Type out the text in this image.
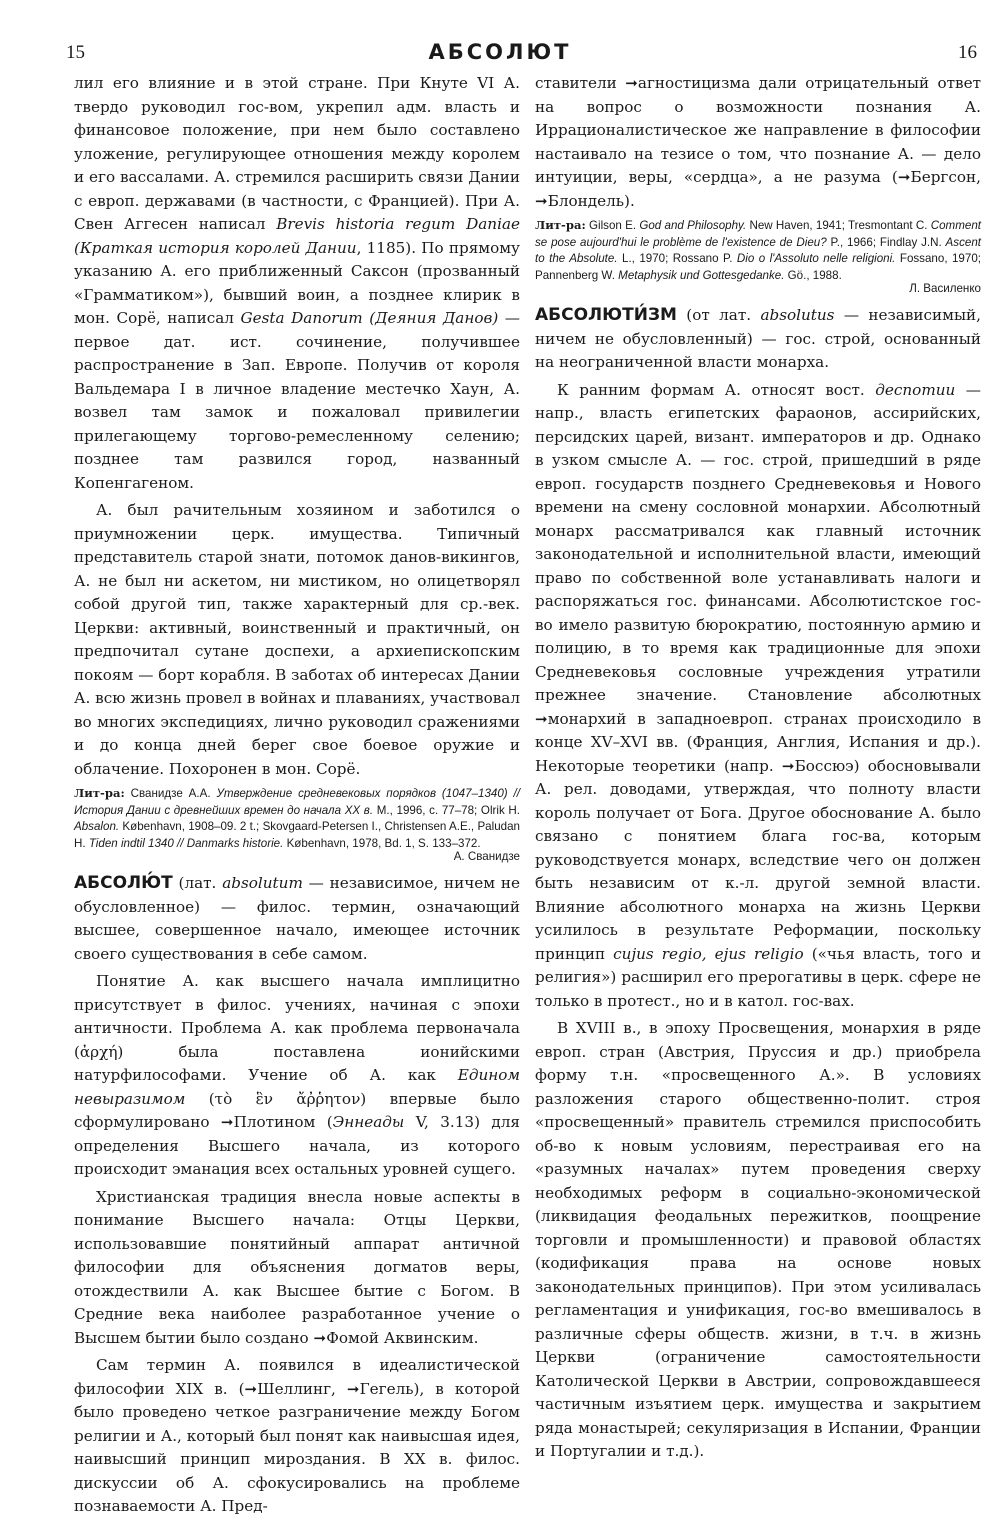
15	АБСОЛЮТ	16

лил его влияние и в этой стране. При Кнуте VI А. твердо руководил гос-вом, укрепил адм. власть и финансовое положение, при нем было составлено уложение, регулирующее отношения между королем и его вассалами. А. стремился расширить связи Дании с европ. державами (в частности, с Францией). При А. Свен Аггесен написал Brevis historia regum Daniae (Краткая история королей Дании, 1185). По прямому указанию А. его приближенный Саксон (прозванный «Грамматиком»), бывший воин, а позднее клирик в мон. Сорё, написал Gesta Danorum (Деяния Данов) — первое дат. ист. сочинение, получившее распространение в Зап. Европе. Получив от короля Вальдемара I в личное владение местечко Хаун, А. возвел там замок и пожаловал привилегии прилегающему торгово-ремесленному селению; позднее там развился город, названный Копенгагеном.

А. был рачительным хозяином и заботился о приумножении церк. имущества. Типичный представитель старой знати, потомок данов-викингов, А. не был ни аскетом, ни мистиком, но олицетворял собой другой тип, также характерный для ср.-век. Церкви: активный, воинственный и практичный, он предпочитал сутане доспехи, а архиепископским покоям — борт корабля. В заботах об интересах Дании А. всю жизнь провел в войнах и плаваниях, участвовал во многих экспедициях, лично руководил сражениями и до конца дней берег свое боевое оружие и облачение. Похоронен в мон. Сорё.

Лит-ра: Сванидзе А.А. Утверждение средневековых порядков (1047–1340) // История Дании с древнейших времен до начала XX в. М., 1996, с. 77–78; Olrik H. Absalon. København, 1908–09. 2 t.; Skovgaard-Petersen I., Christensen A.E., Paludan H. Tiden indtil 1340 // Danmarks historie. København, 1978, Bd. 1, S. 133–372.

А. Сванидзе

АБСОЛЮ́Т (лат. absolutum — независимое, ничем не обусловленное) — филос. термин, означающий высшее, совершенное начало, имеющее источник своего существования в себе самом.

Понятие А. как высшего начала имплицитно присутствует в филос. учениях, начиная с эпохи античности. Проблема А. как проблема первоначала (ἀρχή) была поставлена ионийскими натурфилософами. Учение об А. как Едином невыразимом (τὸ ἓν ἄῤῥητον) впервые было сформулировано ➞Плотином (Эннеады V, 3.13) для определения Высшего начала, из которого происходит эманация всех остальных уровней сущего.

Христианская традиция внесла новые аспекты в понимание Высшего начала: Отцы Церкви, использовавшие понятийный аппарат античной философии для объяснения догматов веры, отождествили А. как Высшее бытие с Богом. В Средние века наиболее разработанное учение о Высшем бытии было создано ➞Фомой Аквинским.

Сам термин А. появился в идеалистической философии XIX в. (➞Шеллинг, ➞Гегель), в которой было проведено четкое разграничение между Богом религии и А., который был понят как наивысшая идея, наивысший принцип мироздания. В XX в. филос. дискуссии об А. сфокусировались на проблеме познаваемости А. Пред-

ставители ➞агностицизма дали отрицательный ответ на вопрос о возможности познания А. Иррационалистическое же направление в философии настаивало на тезисе о том, что познание А. — дело интуиции, веры, «сердца», а не разума (➞Бергсон, ➞Блондель).

Лит-ра: Gilson E. God and Philosophy. New Haven, 1941; Tresmontant C. Comment se pose aujourd'hui le problème de l'existence de Dieu? P., 1966; Findlay J.N. Ascent to the Absolute. L., 1970; Rossano P. Dio o l'Assoluto nelle religioni. Fossano, 1970; Pannenberg W. Metaphysik und Gottesgedanke. Gö., 1988.

Л. Василенко

АБСОЛЮТИ́ЗМ (от лат. absolutus — независимый, ничем не обусловленный) — гос. строй, основанный на неограниченной власти монарха.

К ранним формам А. относят вост. деспотии — напр., власть египетских фараонов, ассирийских, персидских царей, визант. императоров и др. Однако в узком смысле А. — гос. строй, пришедший в ряде европ. государств позднего Средневековья и Нового времени на смену сословной монархии. Абсолютный монарх рассматривался как главный источник законодательной и исполнительной власти, имеющий право по собственной воле устанавливать налоги и распоряжаться гос. финансами. Абсолютистское гос-во имело развитую бюрократию, постоянную армию и полицию, в то время как традиционные для эпохи Средневековья сословные учреждения утратили прежнее значение. Становление абсолютных ➞монархий в западноевроп. странах происходило в конце XV–XVI вв. (Франция, Англия, Испания и др.). Некоторые теоретики (напр. ➞Боссюэ) обосновывали А. рел. доводами, утверждая, что полноту власти король получает от Бога. Другое обоснование А. было связано с понятием блага гос-ва, которым руководствуется монарх, вследствие чего он должен быть независим от к.-л. другой земной власти. Влияние абсолютного монарха на жизнь Церкви усилилось в результате Реформации, поскольку принцип cujus regio, ejus religio («чья власть, того и религия») расширил его прерогативы в церк. сфере не только в протест., но и в катол. гос-вах.

В XVIII в., в эпоху Просвещения, монархия в ряде европ. стран (Австрия, Пруссия и др.) приобрела форму т.н. «просвещенного А.». В условиях разложения старого общественно-полит. строя «просвещенный» правитель стремился приспособить об-во к новым условиям, перестраивая его на «разумных началах» путем проведения сверху необходимых реформ в социально-экономической (ликвидация феодальных пережитков, поощрение торговли и промышленности) и правовой областях (кодификация права на основе новых законодательных принципов). При этом усиливалась регламентация и унификация, гос-во вмешивалось в различные сферы обществ. жизни, в т.ч. в жизнь Церкви (ограничение самостоятельности Католической Церкви в Австрии, сопровождавшееся частичным изъятием церк. имущества и закрытием ряда монастырей; секуляризация в Испании, Франции и Португалии и т.д.).
